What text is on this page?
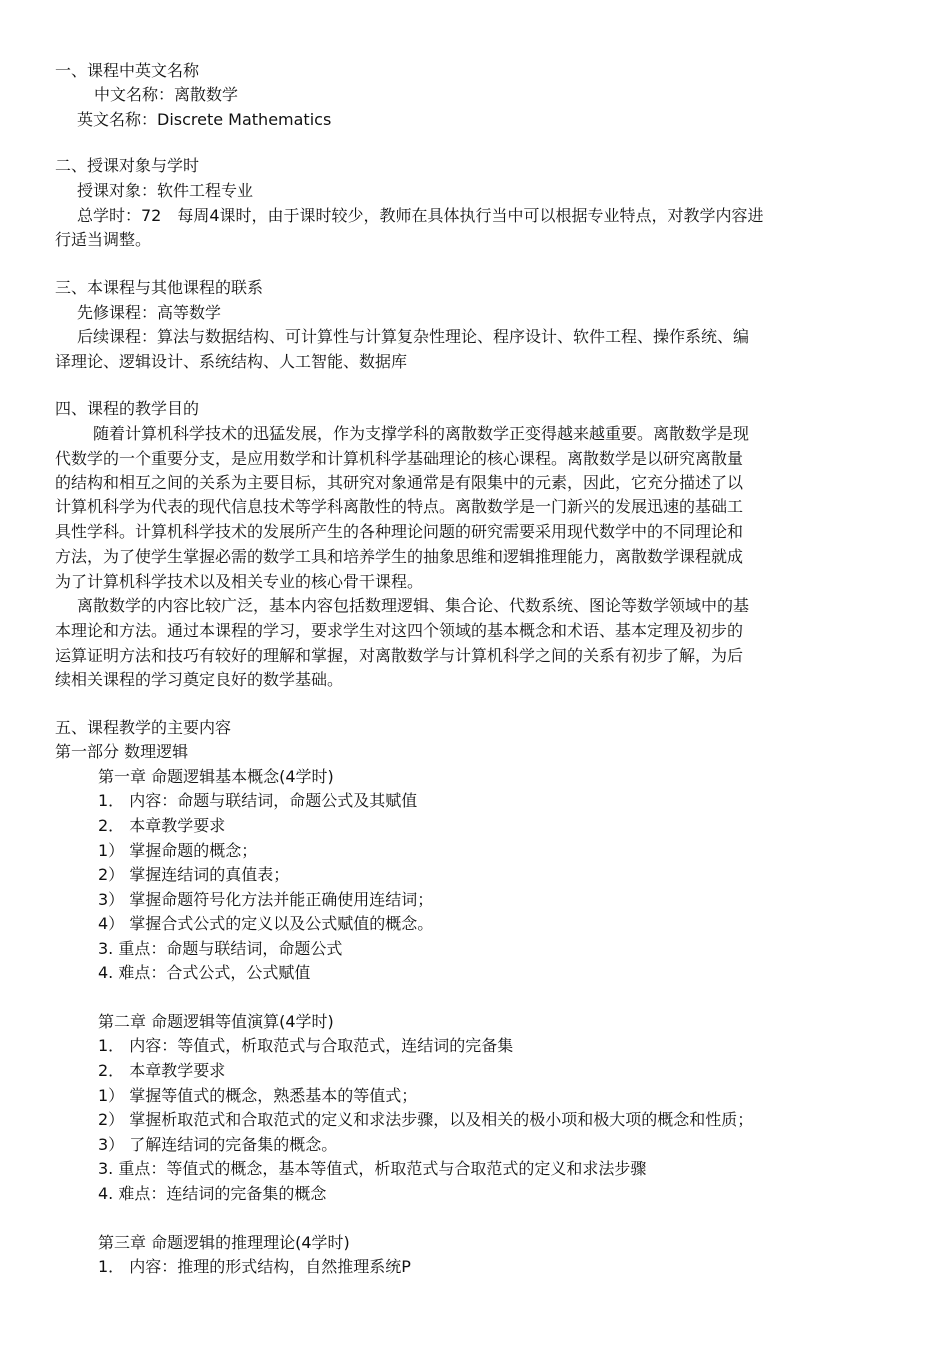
一、课程中英文名称
中文名称：离散数学
英文名称：Discrete Mathematics
二、授课对象与学时
授课对象：软件工程专业
总学时：72　每周4课时，由于课时较少，教师在具体执行当中可以根据专业特点，对教学内容进
行适当调整。
三、本课程与其他课程的联系
先修课程：高等数学
后续课程：算法与数据结构、可计算性与计算复杂性理论、程序设计、软件工程、操作系统、编
译理论、逻辑设计、系统结构、人工智能、数据库
四、课程的教学目的
随着计算机科学技术的迅猛发展，作为支撑学科的离散数学正变得越来越重要。离散数学是现
代数学的一个重要分支，是应用数学和计算机科学基础理论的核心课程。离散数学是以研究离散量
的结构和相互之间的关系为主要目标，其研究对象通常是有限集中的元素，因此，它充分描述了以
计算机科学为代表的现代信息技术等学科离散性的特点。离散数学是一门新兴的发展迅速的基础工
具性学科。计算机科学技术的发展所产生的各种理论问题的研究需要采用现代数学中的不同理论和
方法，为了使学生掌握必需的数学工具和培养学生的抽象思维和逻辑推理能力，离散数学课程就成
为了计算机科学技术以及相关专业的核心骨干课程。
离散数学的内容比较广泛，基本内容包括数理逻辑、集合论、代数系统、图论等数学领域中的基
本理论和方法。通过本课程的学习，要求学生对这四个领域的基本概念和术语、基本定理及初步的
运算证明方法和技巧有较好的理解和掌握，对离散数学与计算机科学之间的关系有初步了解，为后
续相关课程的学习奠定良好的数学基础。
五、课程教学的主要内容
第一部分 数理逻辑
第一章 命题逻辑基本概念(4学时)
1． 内容：命题与联结词，命题公式及其赋值
2． 本章教学要求
1） 掌握命题的概念；
2） 掌握连结词的真值表；
3） 掌握命题符号化方法并能正确使用连结词；
4） 掌握合式公式的定义以及公式赋值的概念。
3. 重点：命题与联结词，命题公式
4. 难点：合式公式，公式赋值
第二章 命题逻辑等值演算(4学时)
1． 内容：等值式，析取范式与合取范式，连结词的完备集
2． 本章教学要求
1） 掌握等值式的概念，熟悉基本的等值式；
2） 掌握析取范式和合取范式的定义和求法步骤，以及相关的极小项和极大项的概念和性质；
3） 了解连结词的完备集的概念。
3. 重点：等值式的概念，基本等值式，析取范式与合取范式的定义和求法步骤
4. 难点：连结词的完备集的概念
第三章 命题逻辑的推理理论(4学时)
1． 内容：推理的形式结构，自然推理系统P
